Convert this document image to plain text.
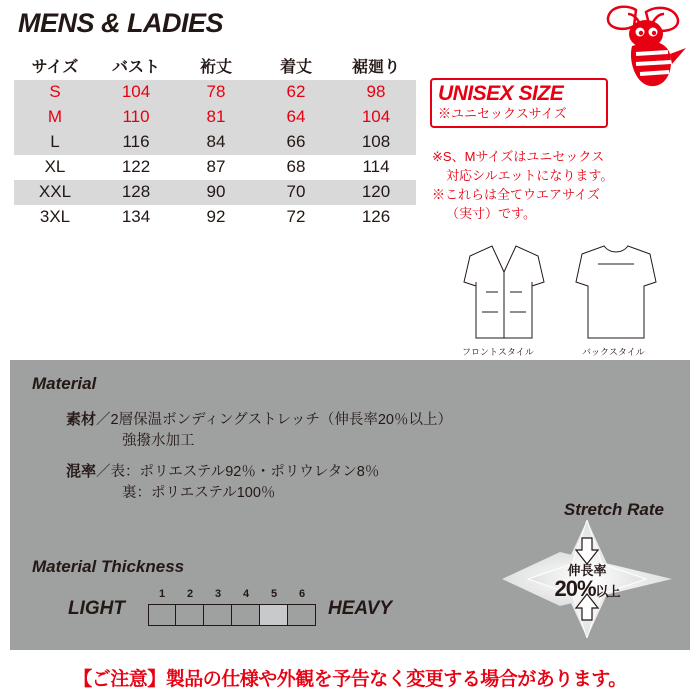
MENS & LADIES
サイズ	バスト	裄丈	着丈	裾廻り
S	104	78	62	98
M	110	81	64	104
L	116	84	66	108
XL	122	87	68	114
XXL	128	90	70	120
3XL	134	92	72	126
UNISEX SIZE
※ユニセックスサイズ
※S、Mサイズはユニセックス
対応シルエットになります。
※これらは全てウエアサイズ
（実寸）です。
フロントスタイル	バックスタイル
Material
素材／2層保温ボンディングストレッチ（伸長率20％以上）
強撥水加工
混率／表：ポリエステル92％・ポリウレタン8％
裏：ポリエステル100％
Material Thickness
LIGHT	HEAVY
1	2	3	4	5	6
Stretch Rate
伸長率
20%以上
【ご注意】製品の仕様や外観を予告なく変更する場合があります。
